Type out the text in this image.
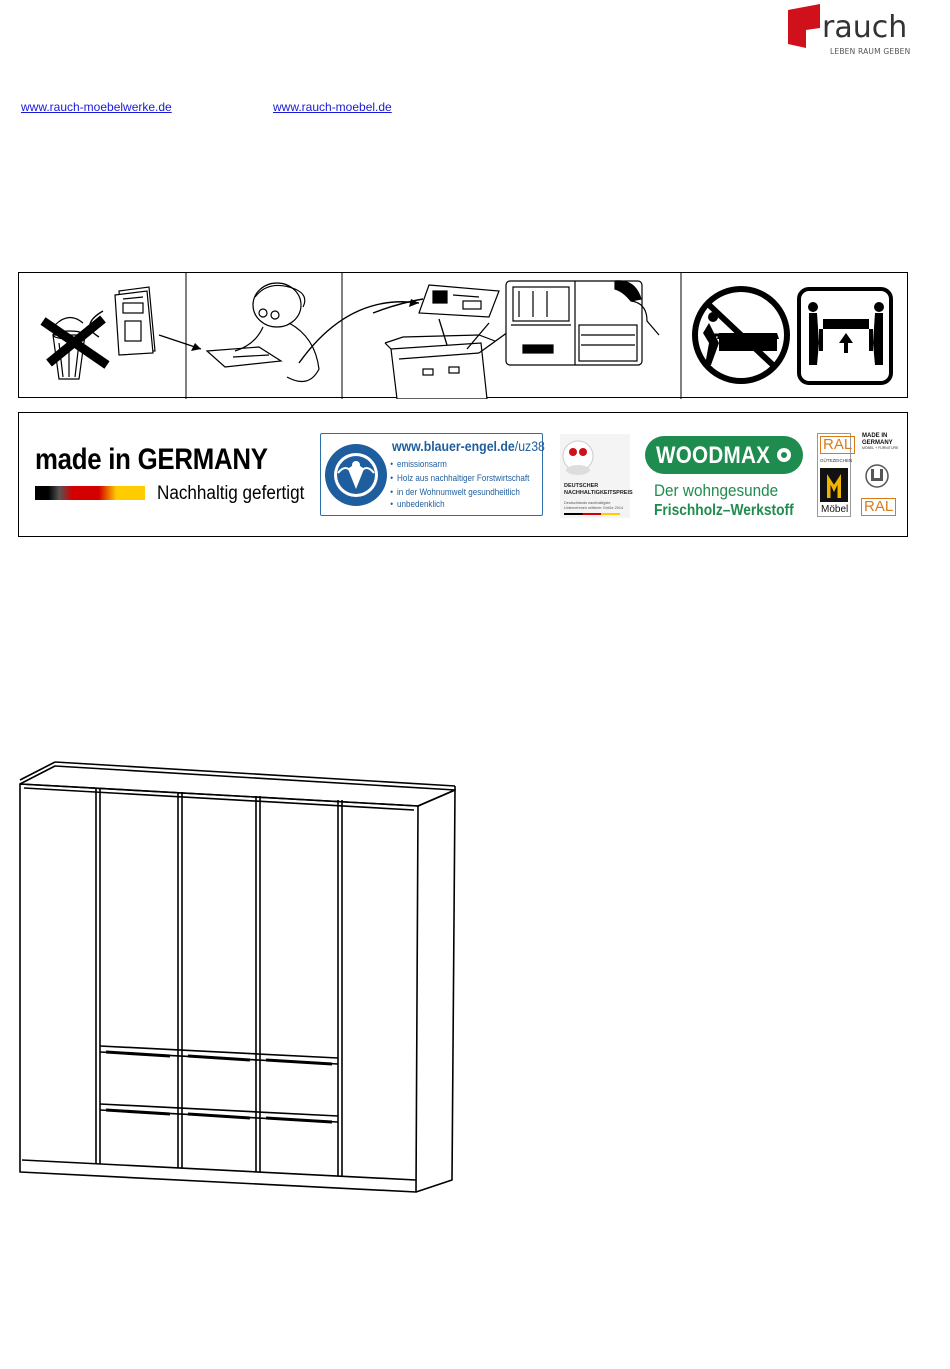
rauch
LEBEN RAUM GEBEN
www.rauch-moebelwerke.de	www.rauch-moebel.de
made in GERMANY
Nachhaltig gefertigt
www.blauer-engel.de/uz38
• emissionsarm
• Holz aus nachhaltiger Forstwirtschaft
• in der Wohnumwelt gesundheitlich
• unbedenklich
DEUTSCHER NACHHALTIGKEITSPREIS
Deutschlands nachhaltigste Unternehmen mittlerer Größe 2014
WOODMAX
Der wohngesunde
Frischholz–Werkstoff
RAL
GÜTEZEICHEN
Möbel
MADE IN GERMANY
MÖBEL + FURNITURE
RAL
